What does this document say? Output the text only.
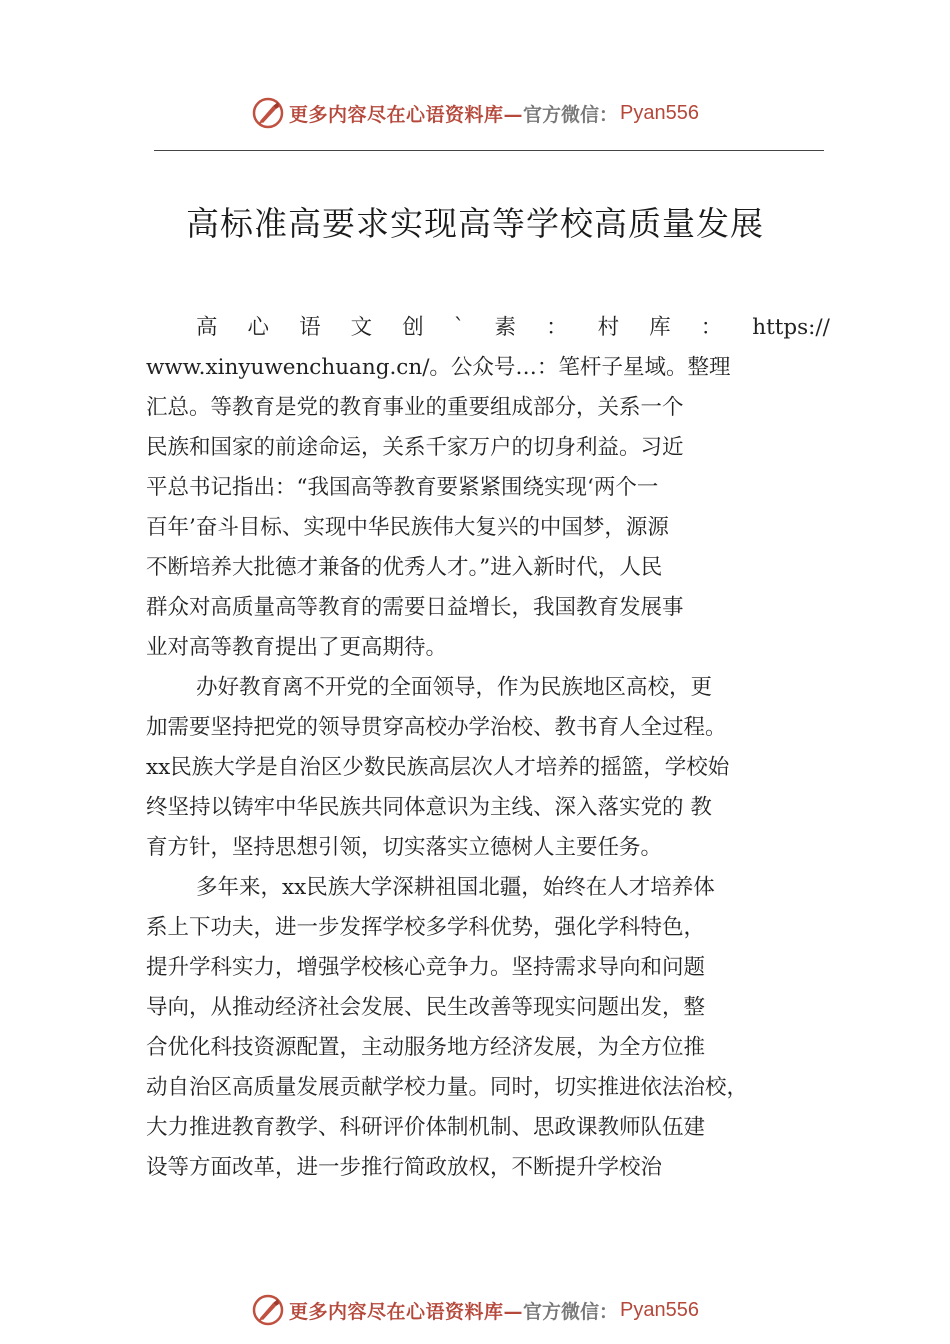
更多内容尽在心语资料库— 官方微信： Pyan556
高标准高要求实现高等学校高质量发展
高 心 语 文 创 ` 素 ： 村 库 ： https://
www.xinyuwenchuang.cn/。公众号…：笔杆子星域。整理
汇总。等教育是党的教育事业的重要组成部分，关系一个
民族和国家的前途命运，关系千家万户的切身利益。习近
平总书记指出：“我国高等教育要紧紧围绕实现‘两个一
百年’奋斗目标、实现中华民族伟大复兴的中国梦，源源
不断培养大批德才兼备的优秀人才。”进入新时代，人民
群众对高质量高等教育的需要日益增长，我国教育发展事
业对高等教育提出了更高期待。
办好教育离不开党的全面领导，作为民族地区高校，更
加需要坚持把党的领导贯穿高校办学治校、教书育人全过程。
xx民族大学是自治区少数民族高层次人才培养的摇篮，学校始
终坚持以铸牢中华民族共同体意识为主线、深入落实党的 教
育方针，坚持思想引领，切实落实立德树人主要任务。
多年来，xx民族大学深耕祖国北疆，始终在人才培养体
系上下功夫，进一步发挥学校多学科优势，强化学科特色，
提升学科实力，增强学校核心竞争力。坚持需求导向和问题
导向，从推动经济社会发展、民生改善等现实问题出发，整
合优化科技资源配置，主动服务地方经济发展，为全方位推
动自治区高质量发展贡献学校力量。同时，切实推进依法治校，
大力推进教育教学、科研评价体制机制、思政课教师队伍建
设等方面改革，进一步推行简政放权，不断提升学校治
更多内容尽在心语资料库— 官方微信： Pyan556
